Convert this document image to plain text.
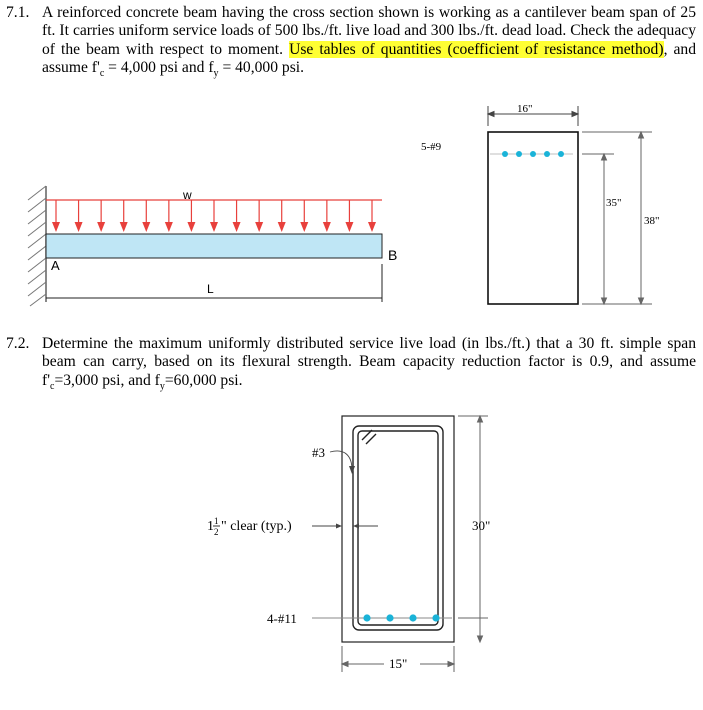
7.1. A reinforced concrete beam having the cross section shown is working as a cantilever beam span of 25 ft. It carries uniform service loads of 500 lbs./ft. live load and 300 lbs./ft. dead load. Check the adequacy of the beam with respect to moment. Use tables of quantities (coefficient of resistance method), and assume $f'_c = 4,000$ psi and $f_y = 40,000$ psi.
w
A
B
L
16"
5-#9
35"
38"
7.2. Determine the maximum uniformly distributed service live load (in lbs./ft.) that a 30 ft. simple span beam can carry, based on its flexural strength. Beam capacity reduction factor is 0.9, and assume $f'_c=3,000$ psi, and $f_y=60,000$ psi.
#3
1 1
2 " clear (typ.)
4-#11
30"
15"
